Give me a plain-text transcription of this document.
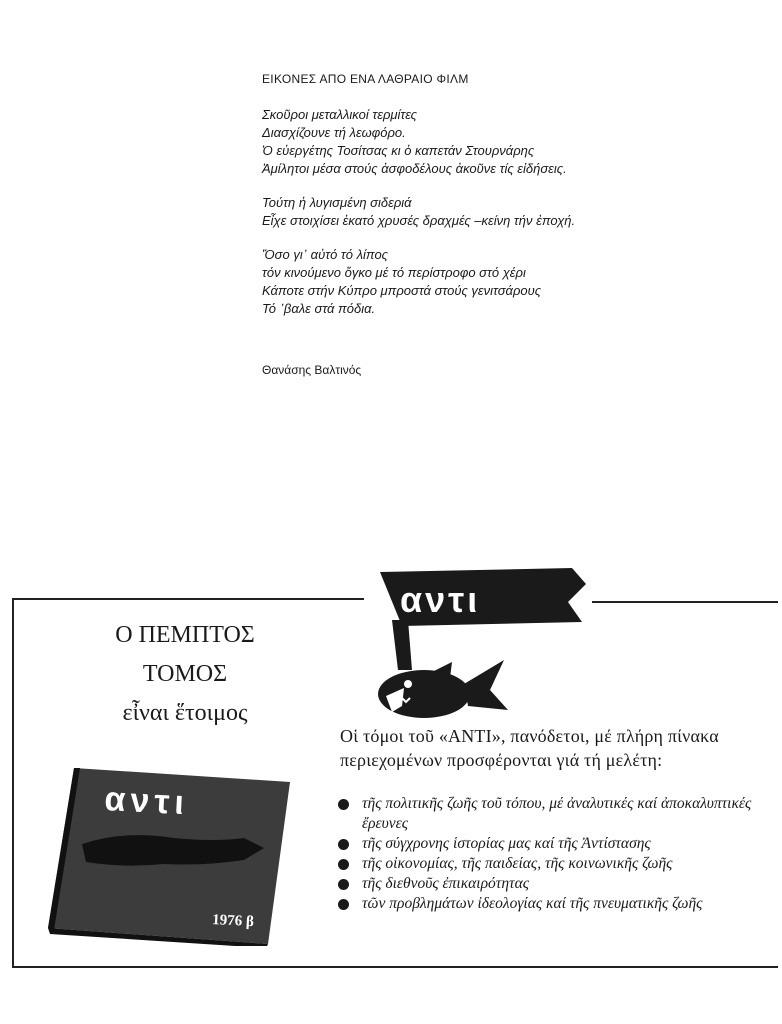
ΕΙΚΟΝΕΣ ΑΠΟ ΕΝΑ ΛΑΘΡΑΙΟ ΦΙΛΜ
Σκοῦροι μεταλλικοί τερμίτες
Διασχίζουνε τή λεωφόρο.
Ὁ εὐεργέτης Τοσίτσας κι ὁ καπετάν Στουρνάρης
Ἀμίλητοι μέσα στούς ἀσφοδέλους ἀκοῦνε τίς εἰδήσεις.
Τούτη ἡ λυγισμένη σιδεριά
Εἶχε στοιχίσει ἑκατό χρυσές δραχμές –κείνη τήν ἐποχή.
Ὅσο γι᾽ αὐτό τό λίπος
τόν κινούμενο ὄγκο μέ τό περίστροφο στό χέρι
Κάποτε στήν Κύπρο μπροστά στούς γενιτσάρους
Τό ᾽βαλε στά πόδια.
Θανάσης Βαλτινός
αντι
Ο ΠΕΜΠΤΟΣ
ΤΟΜΟΣ
εἶναι ἕτοιμος
αντι
1976 β
Οἱ τόμοι τοῦ «ΑΝΤΙ», πανόδετοι, μέ πλήρη πίνακα περιεχομένων προσφέρονται γιά τή μελέτη:
τῆς πολιτικῆς ζωῆς τοῦ τόπου, μέ ἀναλυτικές καί ἀποκαλυπτικές ἔρευνες
τῆς σύγχρονης ἱστορίας μας καί τῆς Ἀντίστασης
τῆς οἰκονομίας, τῆς παιδείας, τῆς κοινωνικῆς ζωῆς
τῆς διεθνοῦς ἐπικαιρότητας
τῶν προβλημάτων ἰδεολογίας καί τῆς πνευματικῆς ζωῆς
